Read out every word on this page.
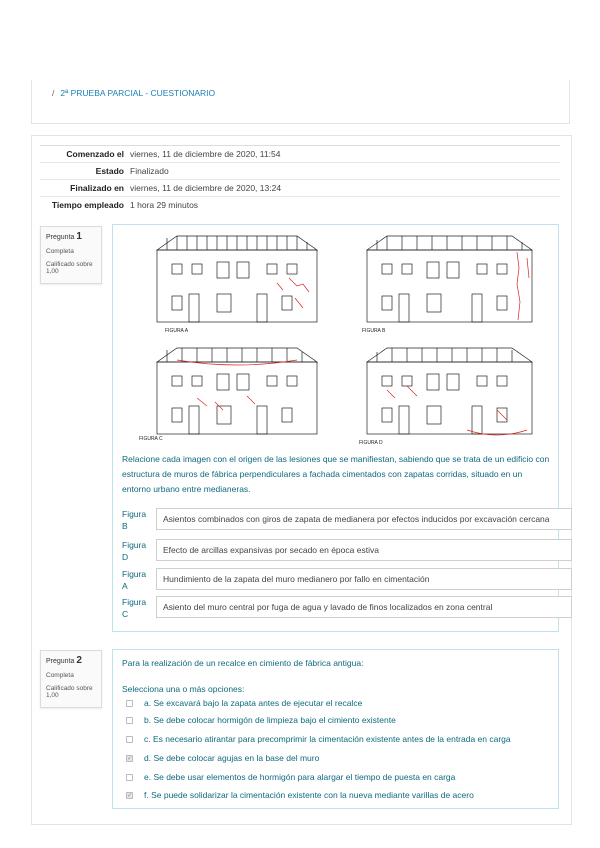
/ 2ª PRUEBA PARCIAL - CUESTIONARIO
Comenzado el viernes, 11 de diciembre de 2020, 11:54
Estado Finalizado
Finalizado en viernes, 11 de diciembre de 2020, 13:24
Tiempo empleado 1 hora 29 minutos
Pregunta 1
Completa
Calificado sobre 1,00
FIGURA A	FIGURA B
FIGURA C
FIGURA D
Relacione cada imagen con el origen de las lesiones que se manifiestan, sabiendo que se trata de un edificio con estructura de muros de fábrica perpendiculares a fachada cimentados con zapatas corridas, situado en un entorno urbano entre medianeras.
Figura B
Asientos combinados con giros de zapata de medianera por efectos inducidos por excavación cercana
Figura D
Efecto de arcillas expansivas por secado en época estiva
Figura A
Hundimiento de la zapata del muro medianero por fallo en cimentación
Figura C
Asiento del muro central por fuga de agua y lavado de finos localizados en zona central
Pregunta 2
Completa
Calificado sobre 1,00
Para la realización de un recalce en cimiento de fábrica antigua:
Selecciona una o más opciones:
a. Se excavará bajo la zapata antes de ejecutar el recalce
b. Se debe colocar hormigón de limpieza bajo el cimiento existente
c. Es necesario atirantar para precomprimir la cimentación existente antes de la entrada en carga
✓ d. Se debe colocar agujas en la base del muro
e. Se debe usar elementos de hormigón para alargar el tiempo de puesta en carga
✓ f. Se puede solidarizar la cimentación existente con la nueva mediante varillas de acero
